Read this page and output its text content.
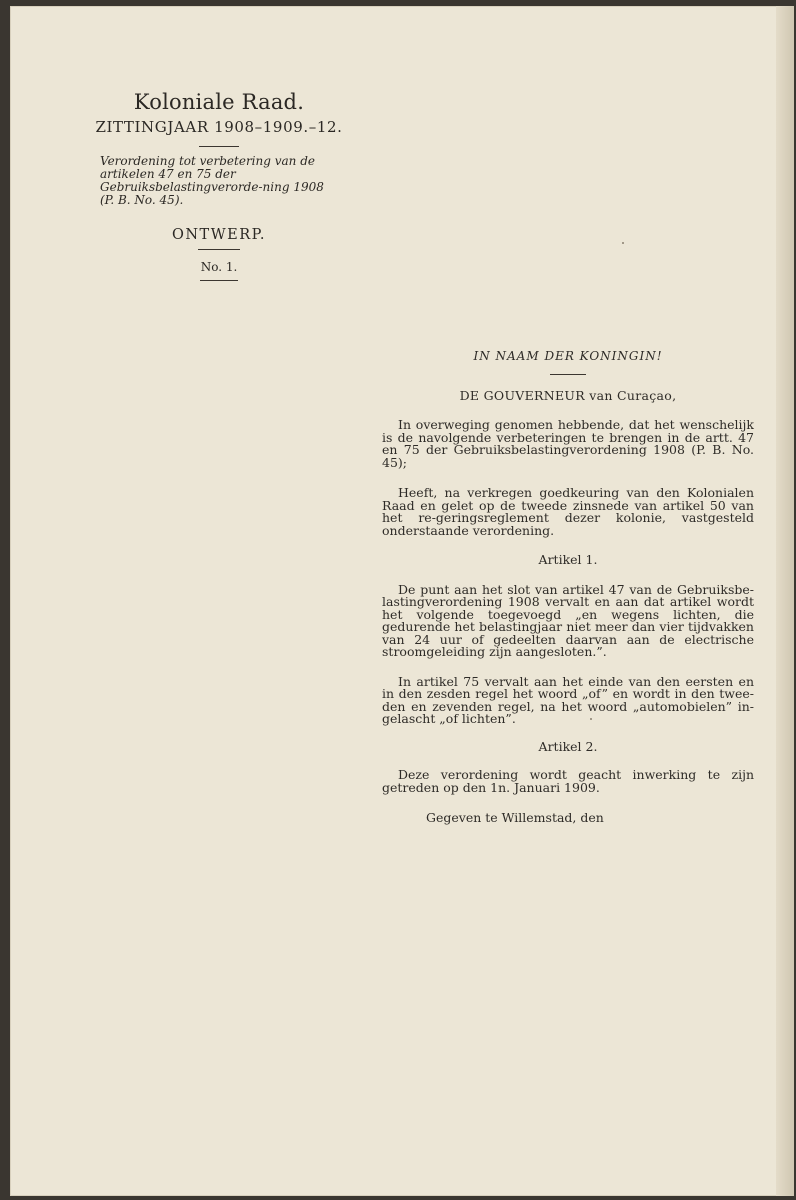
Koloniale Raad.
ZITTINGJAAR 1908–1909.–12.
Verordening tot verbetering van de artikelen 47 en 75 der Gebruiksbelastingverorde-ning 1908 (P. B. No. 45).
ONTWERP.
No. 1.
IN NAAM DER KONINGIN!
DE GOUVERNEUR van Curaçao,

In overweging genomen hebbende, dat het wenschelijk is de navolgende verbeteringen te brengen in de artt. 47 en 75 der Gebruiksbelastingverordening 1908 (P. B. No. 45);

Heeft, na verkregen goedkeuring van den Kolonialen Raad en gelet op de tweede zinsnede van artikel 50 van het re-geringsreglement dezer kolonie, vastgesteld onderstaande verordening.

Artikel 1.

De punt aan het slot van artikel 47 van de Gebruiksbe-lastingverordening 1908 vervalt en aan dat artikel wordt het volgende toegevoegd „en wegens lichten, die gedurende het belastingjaar niet meer dan vier tijdvakken van 24 uur of gedeelten daarvan aan de electrische stroomgeleiding zijn aangesloten.”.

In artikel 75 vervalt aan het einde van den eersten en in den zesden regel het woord „of” en wordt in den twee-den en zevenden regel, na het woord „automobielen” in-gelascht „of lichten”.

Artikel 2.

Deze verordening wordt geacht inwerking te zijn getreden op den 1n. Januari 1909.

Gegeven te Willemstad, den
